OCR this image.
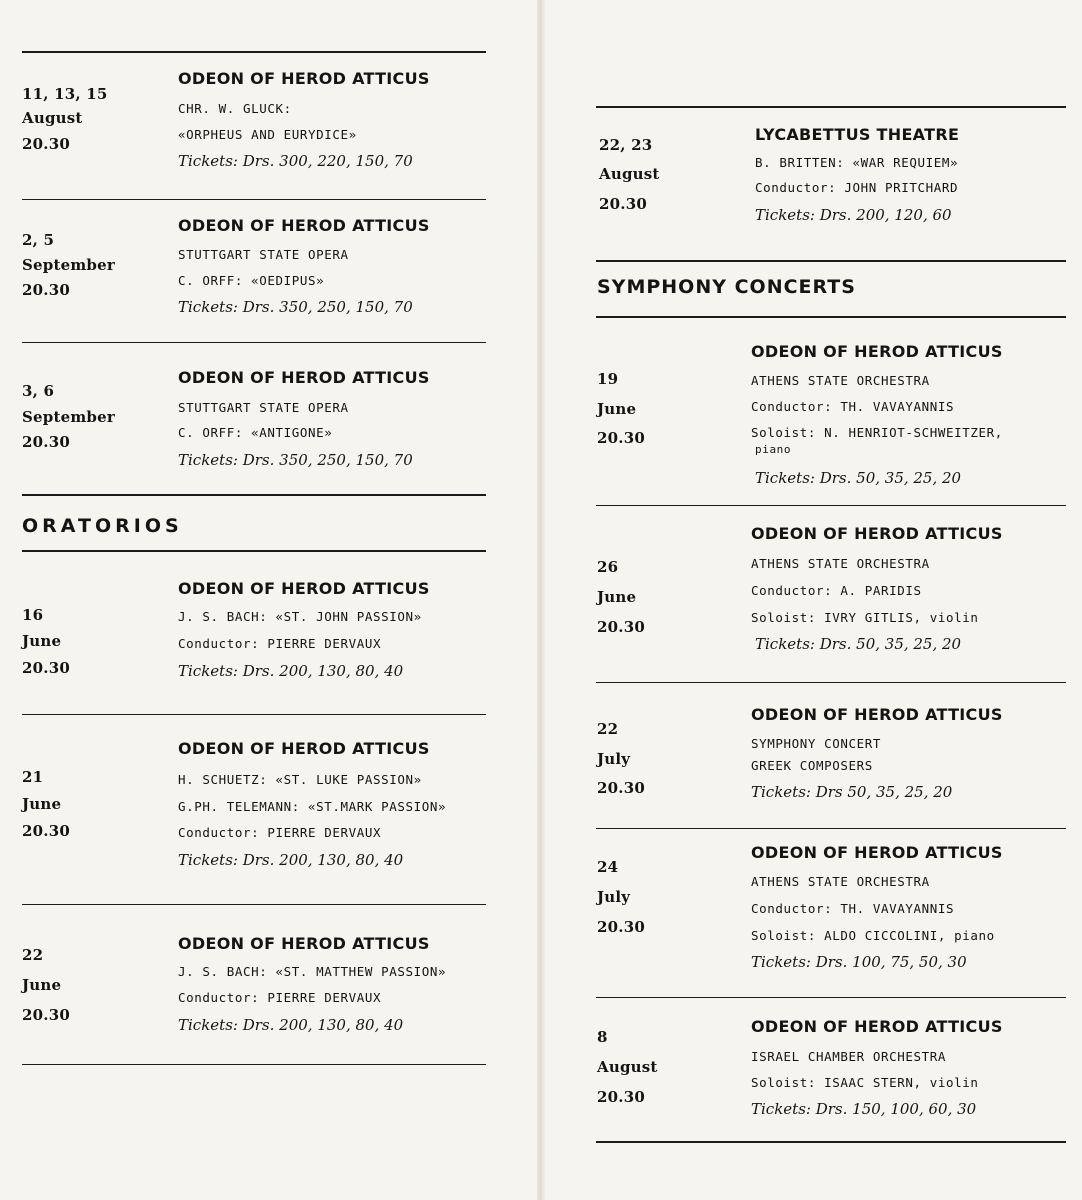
11, 13, 15
August
20.30
ODEON OF HEROD ATTICUS
CHR. W. GLUCK:
«ORPHEUS AND EURYDICE»
Tickets: Drs. 300, 220, 150, 70
2, 5
September
20.30
ODEON OF HEROD ATTICUS
STUTTGART STATE OPERA
C. ORFF: «OEDIPUS»
Tickets: Drs. 350, 250, 150, 70
3, 6
September
20.30
ODEON OF HEROD ATTICUS
STUTTGART STATE OPERA
C. ORFF: «ANTIGONE»
Tickets: Drs. 350, 250, 150, 70
ORATORIOS
16
June
20.30
ODEON OF HEROD ATTICUS
J. S. BACH: «ST. JOHN PASSION»
Conductor: PIERRE DERVAUX
Tickets: Drs. 200, 130, 80, 40
21
June
20.30
ODEON OF HEROD ATTICUS
H. SCHUETZ: «ST. LUKE PASSION»
G.PH. TELEMANN: «ST.MARK PASSION»
Conductor: PIERRE DERVAUX
Tickets: Drs. 200, 130, 80, 40
22
June
20.30
ODEON OF HEROD ATTICUS
J. S. BACH: «ST. MATTHEW PASSION»
Conductor: PIERRE DERVAUX
Tickets: Drs. 200, 130, 80, 40
22, 23
August
20.30
LYCABETTUS THEATRE
B. BRITTEN: «WAR REQUIEM»
Conductor: JOHN PRITCHARD
Tickets: Drs. 200, 120, 60
SYMPHONY CONCERTS
19
June
20.30
ODEON OF HEROD ATTICUS
ATHENS STATE ORCHESTRA
Conductor: TH. VAVAYANNIS
Soloist: N. HENRIOT-SCHWEITZER,
piano
Tickets: Drs. 50, 35, 25, 20
26
June
20.30
ODEON OF HEROD ATTICUS
ATHENS STATE ORCHESTRA
Conductor: A. PARIDIS
Soloist: IVRY GITLIS, violin
Tickets: Drs. 50, 35, 25, 20
22
July
20.30
ODEON OF HEROD ATTICUS
SYMPHONY CONCERT
GREEK COMPOSERS
Tickets: Drs 50, 35, 25, 20
24
July
20.30
ODEON OF HEROD ATTICUS
ATHENS STATE ORCHESTRA
Conductor: TH. VAVAYANNIS
Soloist: ALDO CICCOLINI, piano
Tickets: Drs. 100, 75, 50, 30
8
August
20.30
ODEON OF HEROD ATTICUS
ISRAEL CHAMBER ORCHESTRA
Soloist: ISAAC STERN, violin
Tickets: Drs. 150, 100, 60, 30
